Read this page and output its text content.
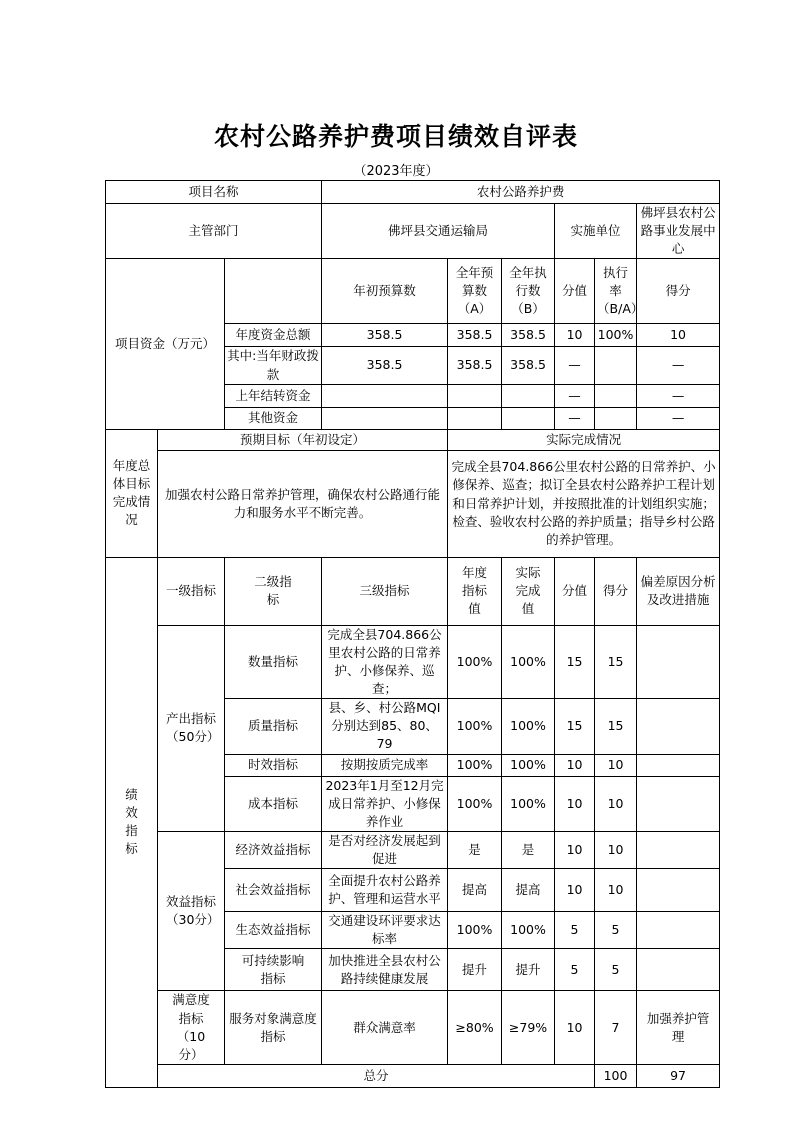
农村公路养护费项目绩效自评表
（2023年度）
项目名称			农村公路养护费						
主管部门			佛坪县交通运输局			实施单位		佛坪县农村公路事业发展中心	
项目资金（万元）			年初预算数	全年预算数（A）	全年执行数（B）	分值	执行率（B/A）	得分	
		年度资金总额	358.5	358.5	358.5	10	100%	10	
		其中:当年财政拨款	358.5	358.5	358.5	—		—	
		上年结转资金				—		—	
		其他资金				—		—	
年度总体目标完成情况	预期目标（年初设定）			实际完成情况					
	加强农村公路日常养护管理，确保农村公路通行能力和服务水平不断完善。			完成全县704.866公里农村公路的日常养护、小修保养、巡查；拟订全县农村公路养护工程计划和日常养护计划，并按照批准的计划组织实施；检查、验收农村公路的养护质量；指导乡村公路的养护管理。					
绩效指标	一级指标	二级指标	三级指标	年度指标值	实际完成值	分值	得分	偏差原因分析及改进措施	
	产出指标（50分）	数量指标	完成全县704.866公里农村公路的日常养护、小修保养、巡查；	100%	100%	15	15		
		质量指标	县、乡、村公路MQI分别达到85、80、79	100%	100%	15	15		
		时效指标	按期按质完成率	100%	100%	10	10		
		成本指标	2023年1月至12月完成日常养护、小修保养作业	100%	100%	10	10		
	效益指标（30分）	经济效益指标	是否对经济发展起到促进	是	是	10	10		
		社会效益指标	全面提升农村公路养护、管理和运营水平	提高	提高	10	10		
		生态效益指标	交通建设环评要求达标率	100%	100%	5	5		
		可持续影响指标	加快推进全县农村公路持续健康发展	提升	提升	5	5		
	满意度指标（10分）	服务对象满意度指标	群众满意率	≥80%	≥79%	10	7	加强养护管理	
	总分						100	97	
